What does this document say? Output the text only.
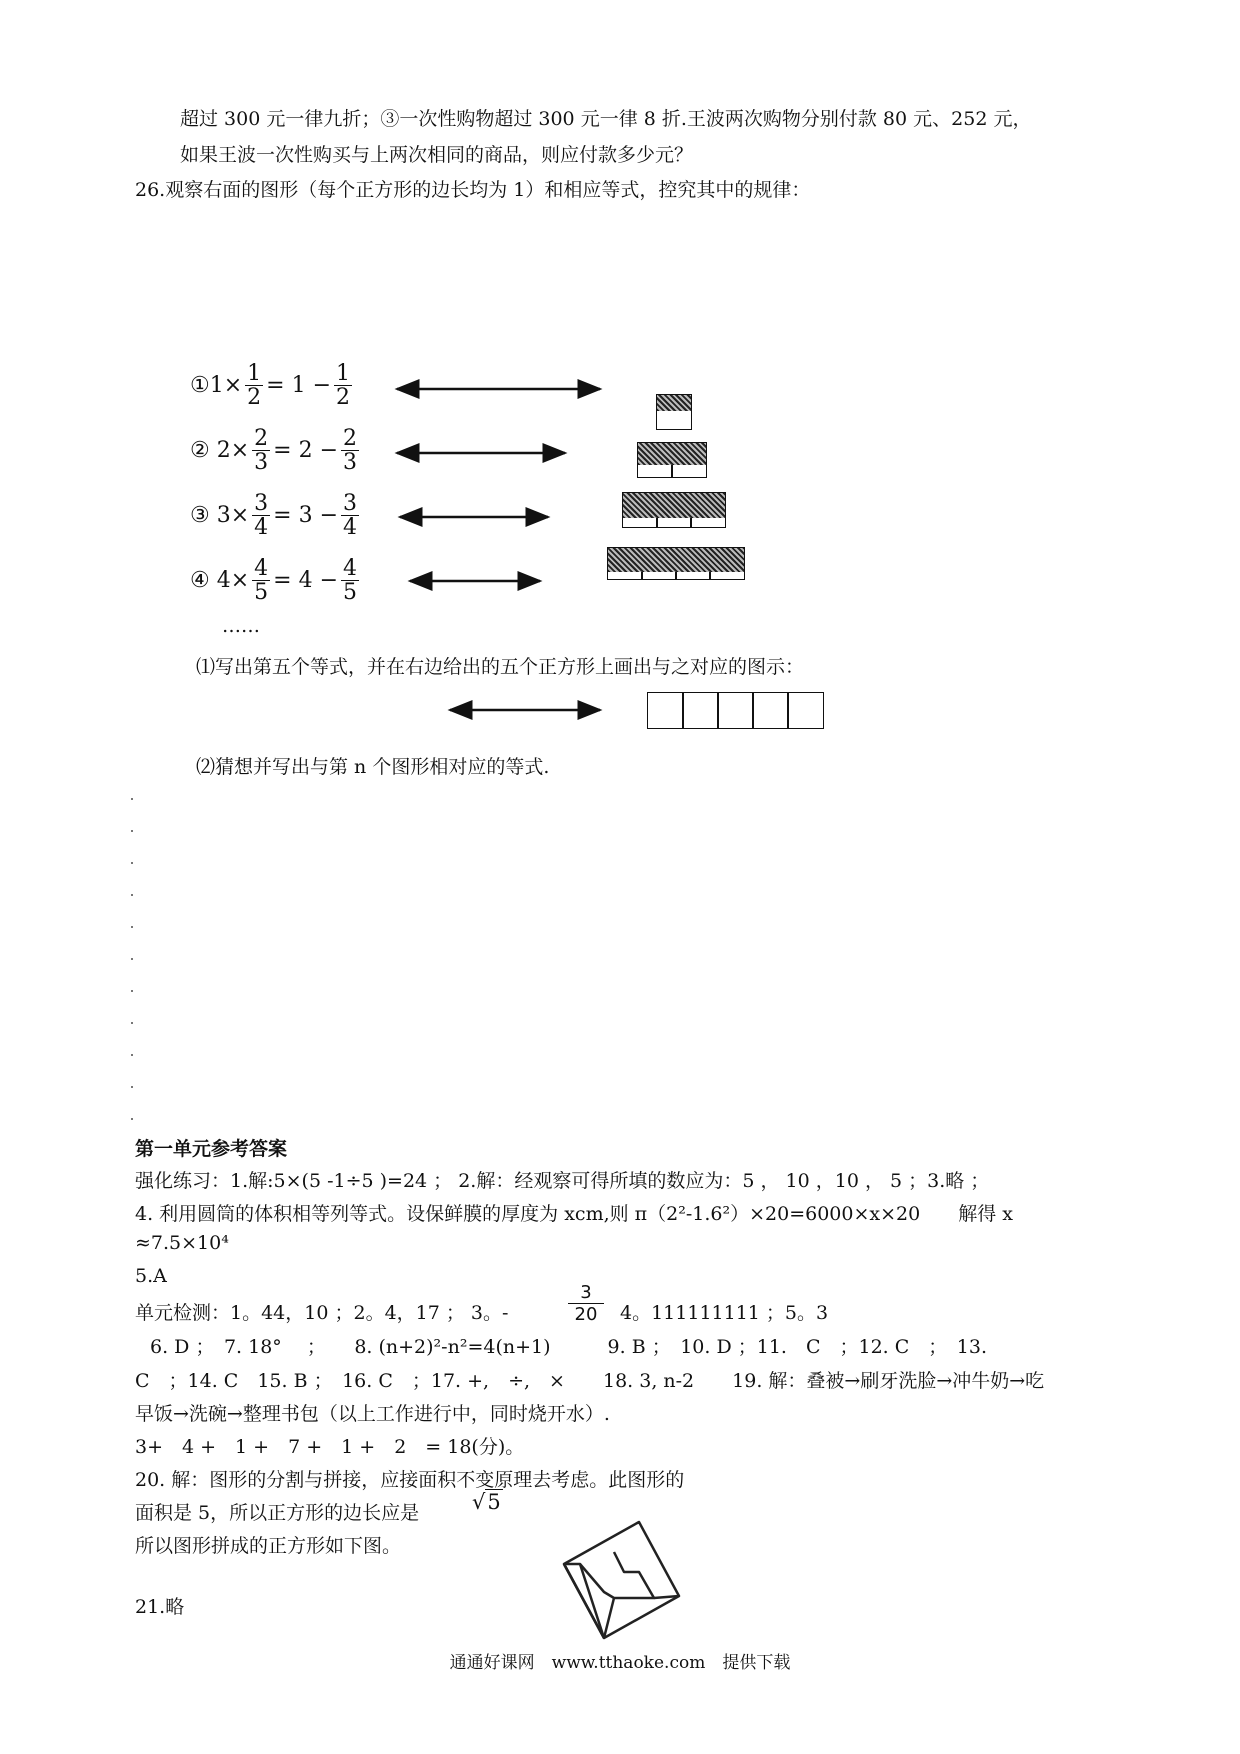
超过 300 元一律九折；③一次性购物超过 300 元一律 8 折.王波两次购物分别付款 80 元、252 元，
如果王波一次性购买与上两次相同的商品，则应付款多少元？
26.观察右面的图形（每个正方形的边长均为 1）和相应等式，控究其中的规律：
① $1 \times \frac{1}{2}$ =
1
− $\frac{1}{2}$
②
$2 \times \frac{2}{3}$ =
2
− $\frac{2}{3}$
③
$3 \times \frac{3}{4}$ =
3
− $\frac{3}{4}$
④
$4 \times \frac{4}{5}$ =
4
− $\frac{4}{5}$
……
⑴写出第五个等式，并在右边给出的五个正方形上画出与之对应的图示：
⑵猜想并写出与第 n 个图形相对应的等式.
第一单元参考答案
强化练习：1.解:5×(5 -1÷5 )=24 ； 2.解：经观察可得所填的数应为：5 ， 10 ，10 ， 5 ；3.略 ；
4. 利用圆筒的体积相等列等式。设保鲜膜的厚度为 xcm,则 π（2²-1.6²）×20=6000×x×20　　解得 x
≈7.5×10⁴
5.A
单元检测：1。44，10 ；2。4，17 ； 3。-	$\frac{3}{20} 4$。111111111 ；5。3
6. D ；　7. 18° 　；　　8. (n+2)²-n²=4(n+1)　　　9. B ；　10. D ；11.　C　；12. C　；　13.
C　；14. C　15. B ；　16. C　；17. +,　÷,　×　　18. 3, n-2　　19. 解：叠被→刷牙洗脸→冲牛奶→吃
早饭→洗碗→整理书包（以上工作进行中，同时烧开水）.
3+　4 +　1 +　7 +　1 +　2　= 18(分)。
20. 解：图形的分割与拼接，应接面积不变原理去考虑。此图形的
面积是 5，所以正方形的边长应是	√5
所以图形拼成的正方形如下图。
21.略
通通好课网　www.tthaoke.com　提供下载
